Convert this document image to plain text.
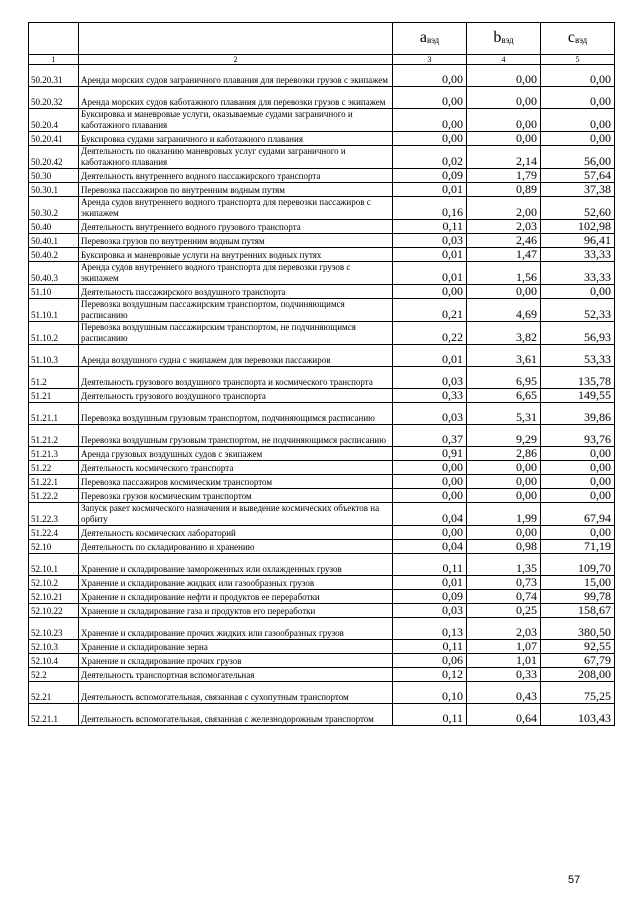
		$a_{вэд}$	$b_{вэд}$	$c_{вэд}$
1	2	3	4	5
50.20.31	Аренда морских судов заграничного плавания для перевозки грузов с экипажем	0,00	0,00	0,00
50.20.32	Аренда морских судов каботажного плавания для перевозки грузов с экипажем	0,00	0,00	0,00
50.20.4	Буксировка и маневровые услуги, оказываемые судами заграничного и каботажного плавания	0,00	0,00	0,00
50.20.41	Буксировка судами заграничного и каботажного плавания	0,00	0,00	0,00
50.20.42	Деятельность по оказанию маневровых услуг судами заграничного и каботажного плавания	0,02	2,14	56,00
50.30	Деятельность внутреннего водного пассажирского транспорта	0,09	1,79	57,64
50.30.1	Перевозка пассажиров по внутренним водным путям	0,01	0,89	37,38
50.30.2	Аренда судов внутреннего водного транспорта для перевозки пассажиров с экипажем	0,16	2,00	52,60
50.40	Деятельность внутреннего водного грузового транспорта	0,11	2,03	102,98
50.40.1	Перевозка грузов по внутренним водным путям	0,03	2,46	96,41
50.40.2	Буксировка и маневровые услуги на внутренних водных путях	0,01	1,47	33,33
50.40.3	Аренда судов внутреннего водного транспорта для перевозки грузов с экипажем	0,01	1,56	33,33
51.10	Деятельность пассажирского воздушного транспорта	0,00	0,00	0,00
51.10.1	Перевозка воздушным пассажирским транспортом, подчиняющимся расписанию	0,21	4,69	52,33
51.10.2	Перевозка воздушным пассажирским транспортом, не подчиняющимся расписанию	0,22	3,82	56,93
51.10.3	Аренда воздушного судна с экипажем для перевозки пассажиров	0,01	3,61	53,33
51.2	Деятельность грузового воздушного транспорта и космического транспорта	0,03	6,95	135,78
51.21	Деятельность грузового воздушного транспорта	0,33	6,65	149,55
51.21.1	Перевозка воздушным грузовым транспортом, подчиняющимся расписанию	0,03	5,31	39,86
51.21.2	Перевозка воздушным грузовым транспортом, не подчиняющимся расписанию	0,37	9,29	93,76
51.21.3	Аренда грузовых воздушных судов с экипажем	0,91	2,86	0,00
51.22	Деятельность космического транспорта	0,00	0,00	0,00
51.22.1	Перевозка пассажиров космическим транспортом	0,00	0,00	0,00
51.22.2	Перевозка грузов космическим транспортом	0,00	0,00	0,00
51.22.3	Запуск ракет космического назначения и выведение космических объектов на орбиту	0,04	1,99	67,94
51.22.4	Деятельность космических лабораторий	0,00	0,00	0,00
52.10	Деятельность по складированию и хранению	0,04	0,98	71,19
52.10.1	Хранение и складирование замороженных или охлажденных грузов	0,11	1,35	109,70
52.10.2	Хранение и складирование жидких или газообразных грузов	0,01	0,73	15,00
52.10.21	Хранение и складирование нефти и продуктов ее переработки	0,09	0,74	99,78
52.10.22	Хранение и складирование газа и продуктов его переработки	0,03	0,25	158,67
52.10.23	Хранение и складирование прочих жидких или газообразных грузов	0,13	2,03	380,50
52.10.3	Хранение и складирование зерна	0,11	1,07	92,55
52.10.4	Хранение и складирование прочих грузов	0,06	1,01	67,79
52.2	Деятельность транспортная вспомогательная	0,12	0,33	208,00
52.21	Деятельность вспомогательная, связанная с сухопутным транспортом	0,10	0,43	75,25
52.21.1	Деятельность вспомогательная, связанная с железнодорожным транспортом	0,11	0,64	103,43
57
